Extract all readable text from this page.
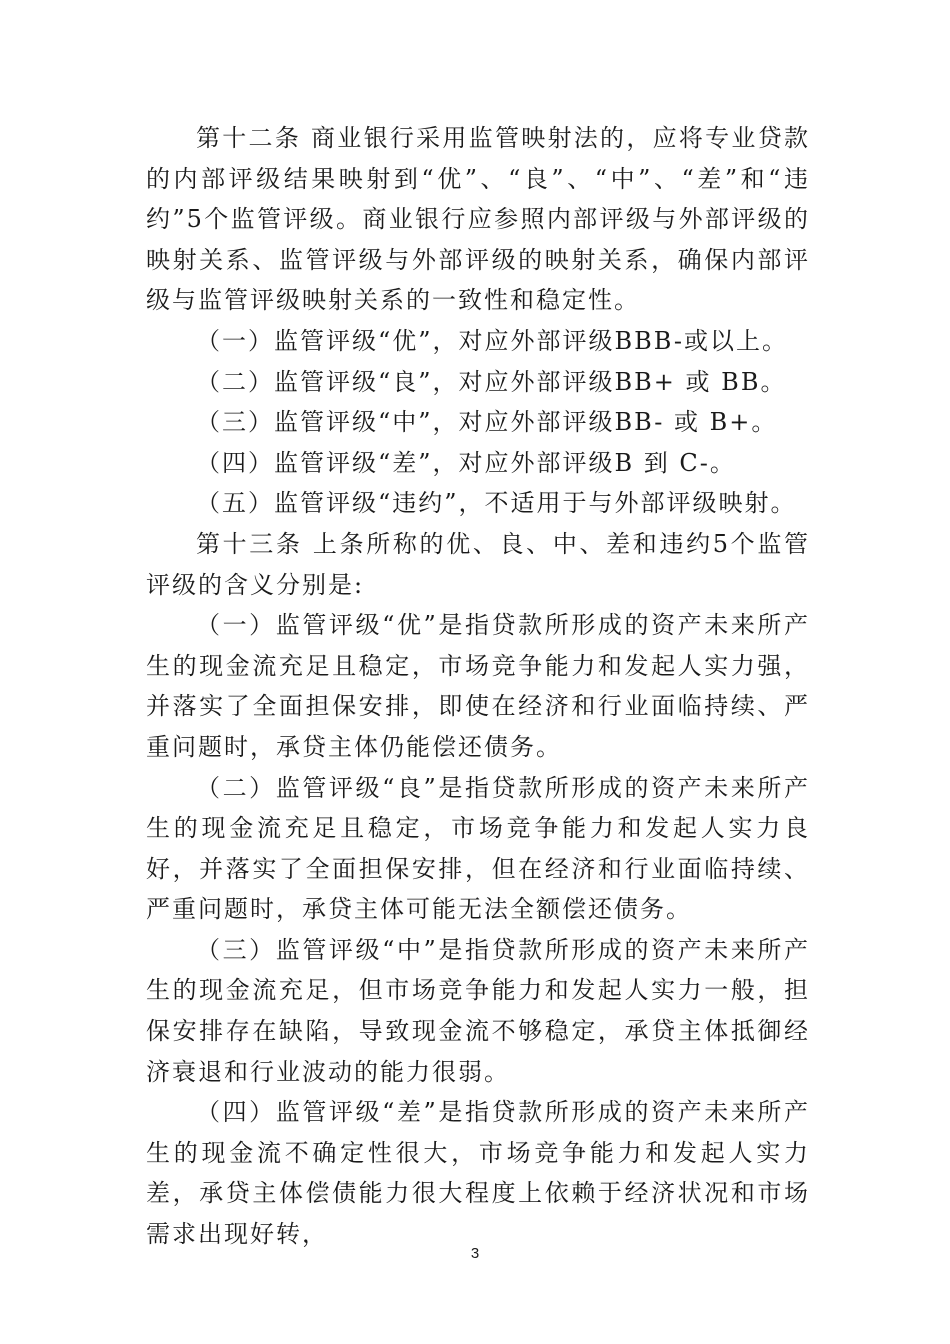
第十二条 商业银行采用监管映射法的，应将专业贷款的内部评级结果映射到“优”、“良”、“中”、“差”和“违约”5个监管评级。商业银行应参照内部评级与外部评级的映射关系、监管评级与外部评级的映射关系，确保内部评级与监管评级映射关系的一致性和稳定性。

（一）监管评级“优”，对应外部评级BBB-或以上。

（二）监管评级“良”，对应外部评级BB+ 或 BB。

（三）监管评级“中”，对应外部评级BB- 或 B+。

（四）监管评级“差”，对应外部评级B 到 C-。

（五）监管评级“违约”，不适用于与外部评级映射。

第十三条 上条所称的优、良、中、差和违约5个监管评级的含义分别是:

（一）监管评级“优”是指贷款所形成的资产未来所产生的现金流充足且稳定，市场竞争能力和发起人实力强，并落实了全面担保安排，即使在经济和行业面临持续、严重问题时，承贷主体仍能偿还债务。

（二）监管评级“良”是指贷款所形成的资产未来所产生的现金流充足且稳定，市场竞争能力和发起人实力良好，并落实了全面担保安排，但在经济和行业面临持续、严重问题时，承贷主体可能无法全额偿还债务。

（三）监管评级“中”是指贷款所形成的资产未来所产生的现金流充足，但市场竞争能力和发起人实力一般，担保安排存在缺陷，导致现金流不够稳定，承贷主体抵御经济衰退和行业波动的能力很弱。

（四）监管评级“差”是指贷款所形成的资产未来所产生的现金流不确定性很大，市场竞争能力和发起人实力差，承贷主体偿债能力很大程度上依赖于经济状况和市场需求出现好转，

3
